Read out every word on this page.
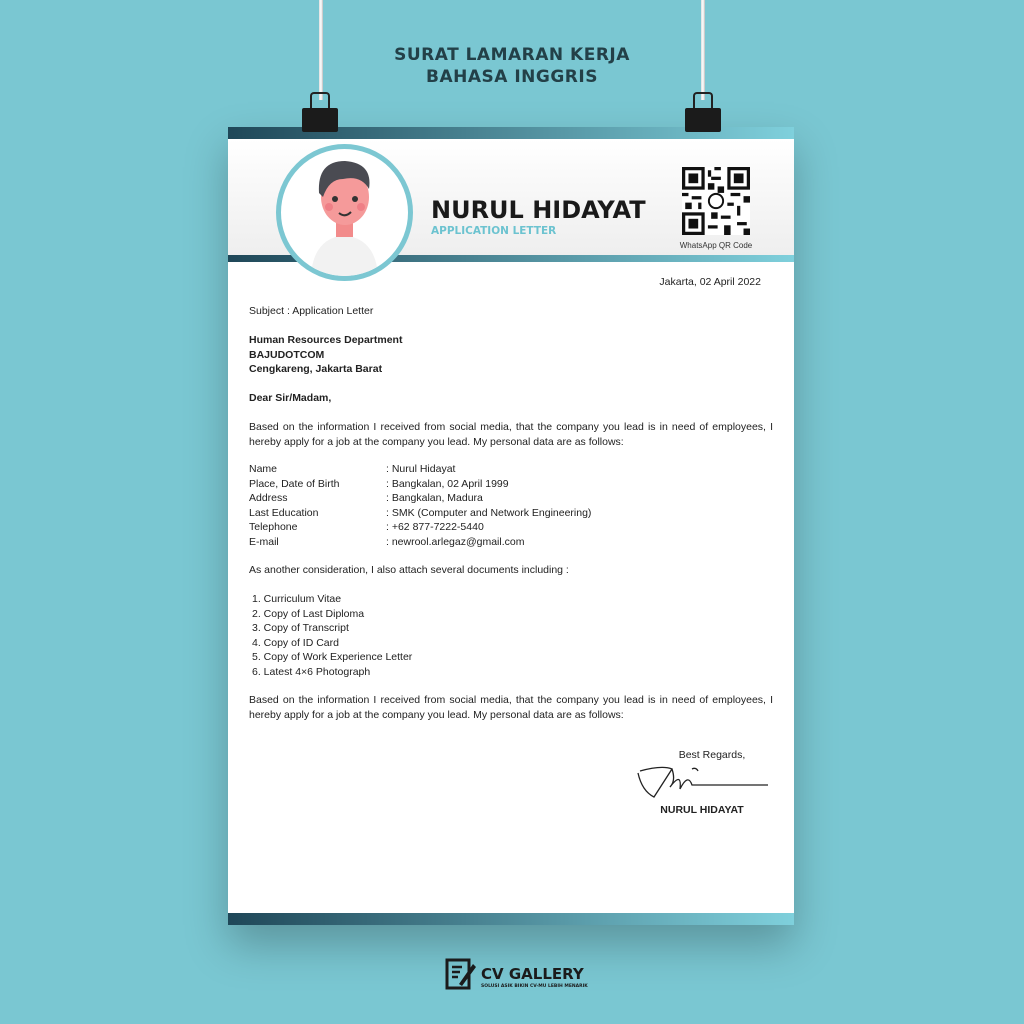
SURAT LAMARAN KERJA
BAHASA INGGRIS
NURUL HIDAYAT
APPLICATION LETTER
WhatsApp QR Code
Jakarta, 02 April 2022
Subject : Application Letter
Human Resources Department
BAJUDOTCOM
Cengkareng, Jakarta Barat
Dear Sir/Madam,
Based on the information I received from social media, that the company you lead is in need of employees, I hereby apply for a job at the company you lead. My personal data are as follows:
Name	: Nurul Hidayat
Place, Date of Birth	: Bangkalan, 02 April 1999
Address	: Bangkalan, Madura
Last Education	: SMK (Computer and Network Engineering)
Telephone	: +62 877-7222-5440
E-mail	: newrool.arlegaz@gmail.com
As another consideration, I also attach several documents including :
1. Curriculum Vitae
2. Copy of Last Diploma
3. Copy of Transcript
4. Copy of ID Card
5. Copy of Work Experience Letter
6. Latest 4×6 Photograph
Based on the information I received from social media, that the company you lead is in need of employees, I hereby apply for a job at the company you lead. My personal data are as follows:
Best Regards,
NURUL HIDAYAT
CV GALLERY
SOLUSI ASIK BIKIN CV-MU LEBIH MENARIK
